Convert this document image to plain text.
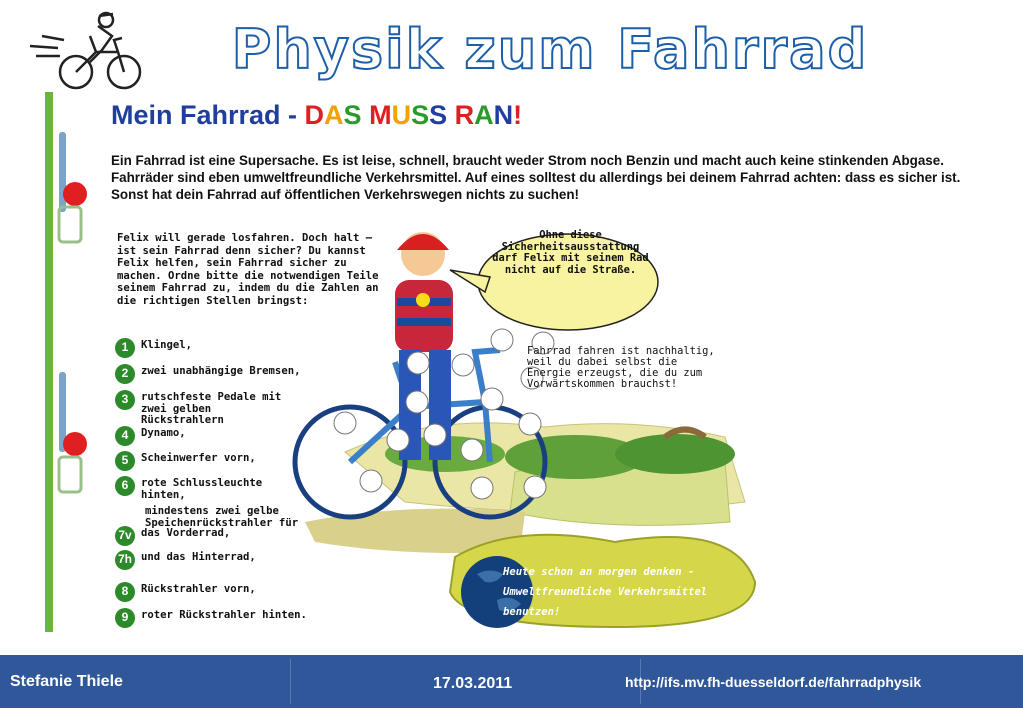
Physik zum Fahrrad
Mein Fahrrad - DAS MUSS RAN!
Ein Fahrrad ist eine Supersache. Es ist leise, schnell, braucht weder Strom noch Benzin und macht auch keine stinkenden Abgase. Fahrräder sind eben umweltfreundliche Verkehrsmittel. Auf eines solltest du allerdings bei deinem Fahrrad achten: dass es sicher ist. Sonst hat dein Fahrrad auf öffentlichen Verkehrswegen nichts zu suchen!
Felix will gerade losfahren. Doch halt – ist sein Fahrrad denn sicher? Du kannst Felix helfen, sein Fahrrad sicher zu machen. Ordne bitte die notwendigen Teile seinem Fahrrad zu, indem du die Zahlen an die richtigen Stellen bringst:
1	Klingel,
2	zwei unabhängige Bremsen,
3	rutschfeste Pedale mit zwei gelben Rückstrahlern
4	Dynamo,
5	Scheinwerfer vorn,
6	rote Schlussleuchte hinten,
mindestens zwei gelbe Speichenrückstrahler für
7v das Vorderrad,
7h und das Hinterrad,
8	Rückstrahler vorn,
9	roter Rückstrahler hinten.
Ohne diese Sicherheitsausstattung darf Felix mit seinem Rad nicht auf die Straße.
Fahrrad fahren ist nachhaltig, weil du dabei selbst die Energie erzeugst, die du zum Vorwärtskommen brauchst!
Heute schon an morgen denken - Umweltfreundliche Verkehrsmittel benutzen!
Stefanie Thiele	17.03.2011	http://ifs.mv.fh-duesseldorf.de/fahrradphysik
